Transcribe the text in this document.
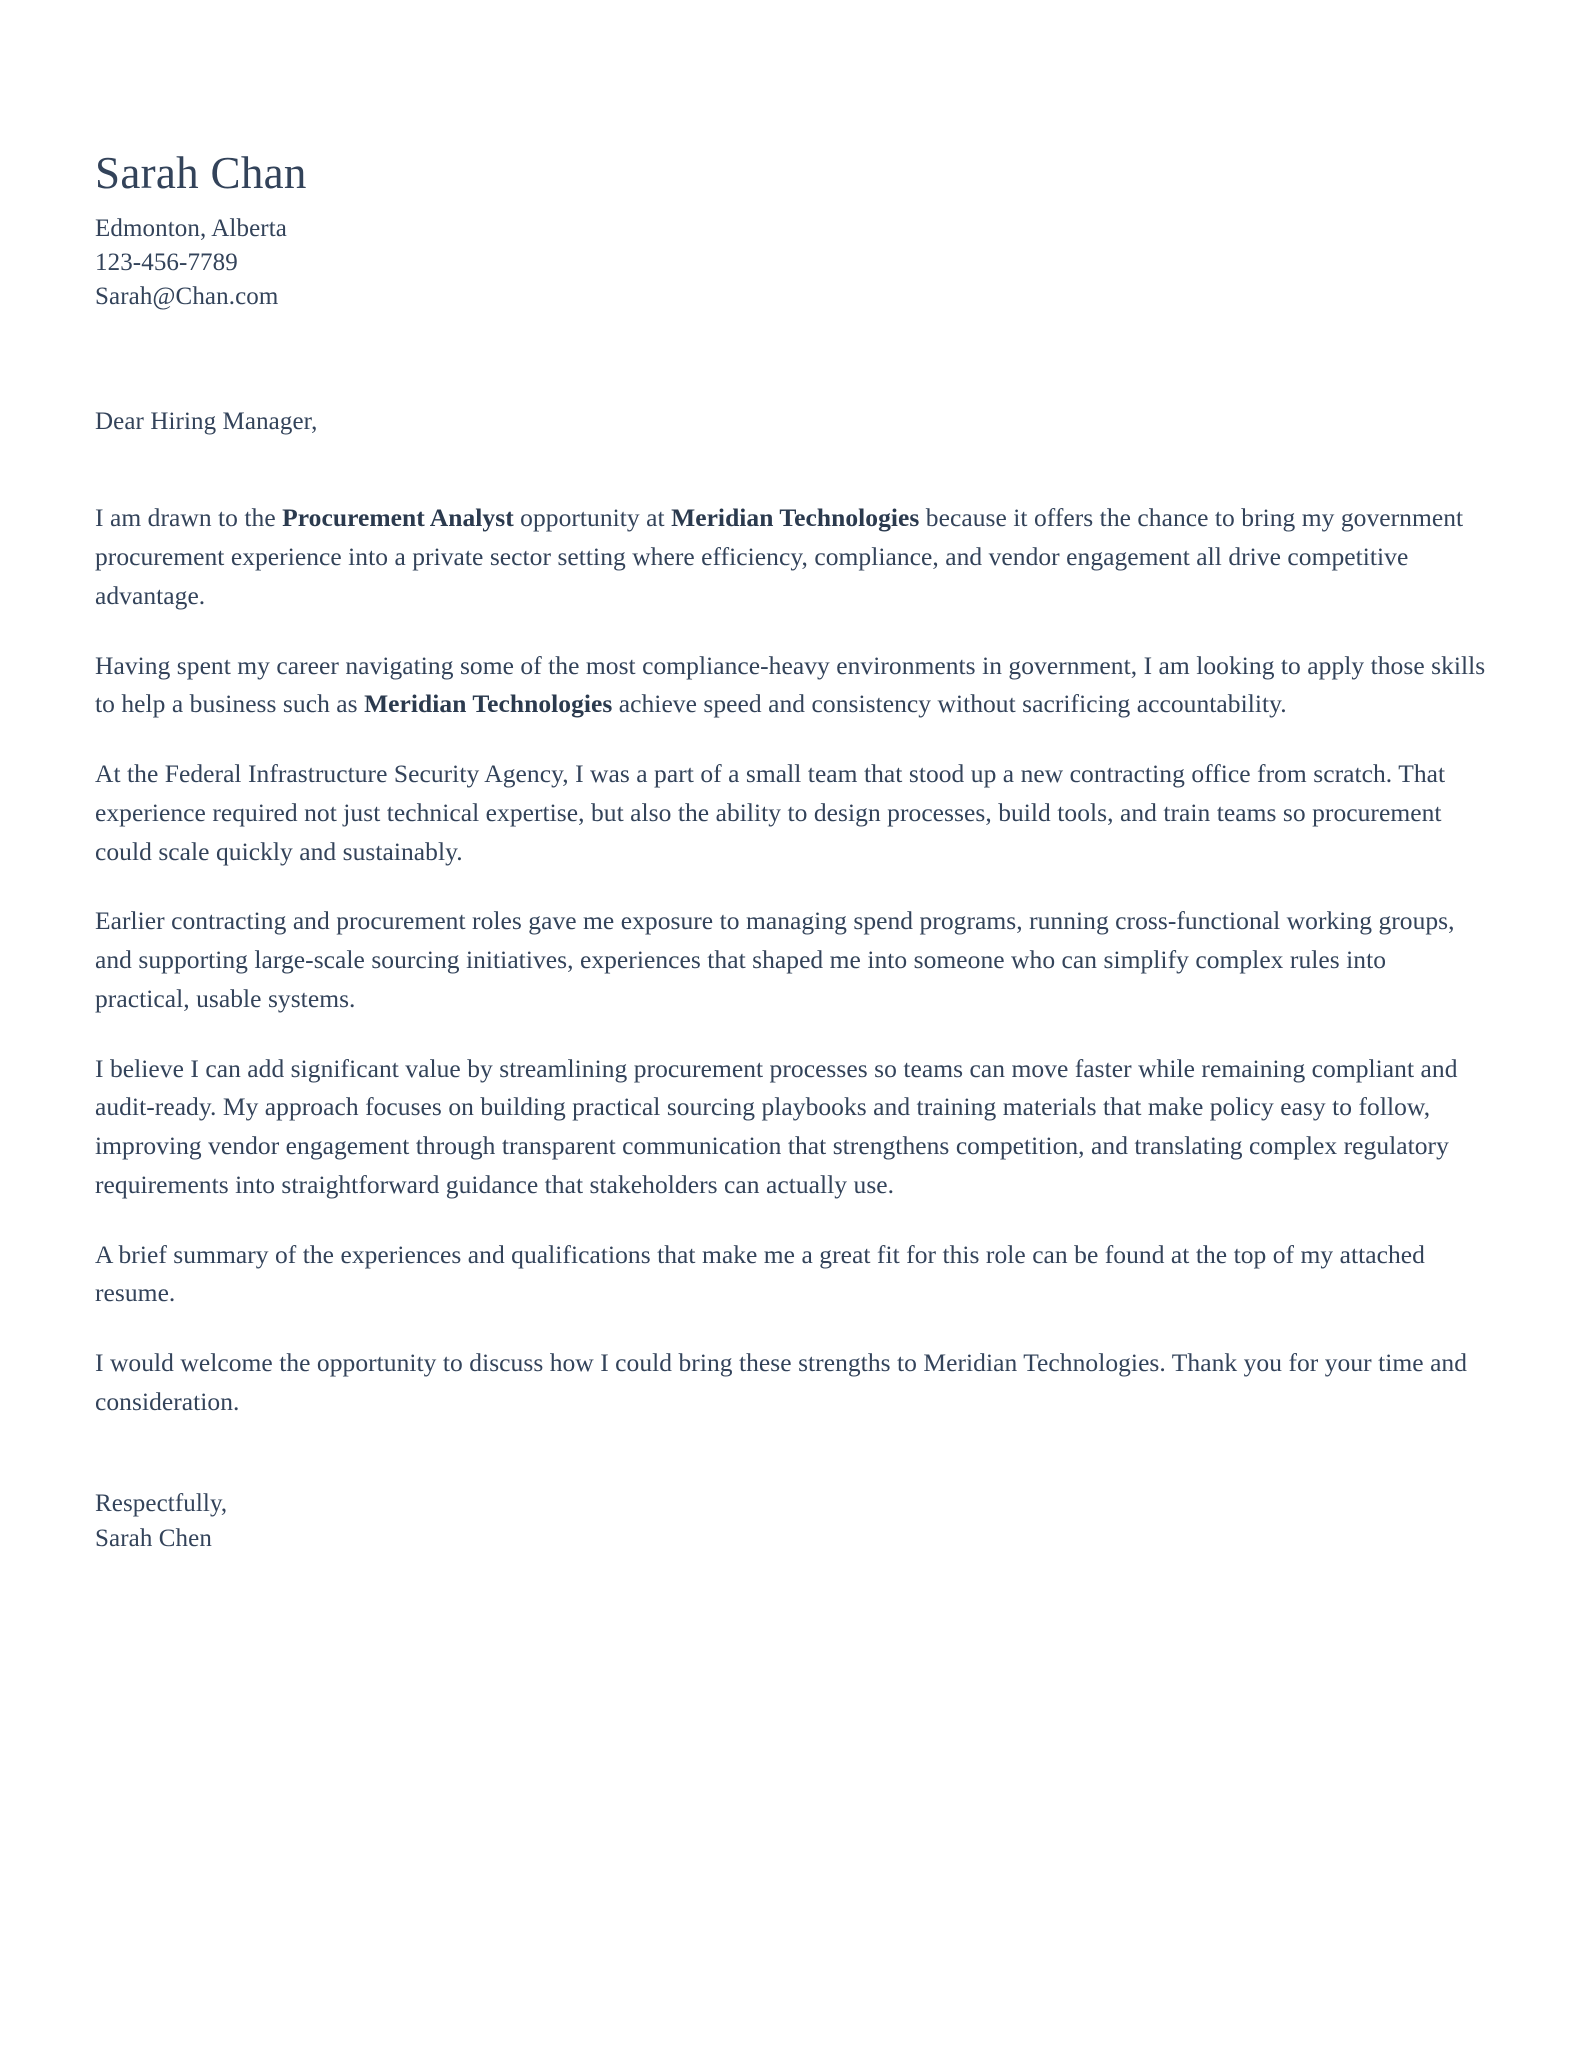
Sarah Chan
Edmonton, Alberta
123-456-7789
Sarah@Chan.com
Dear Hiring Manager,

I am drawn to the Procurement Analyst opportunity at Meridian Technologies because it offers the chance to bring my government procurement experience into a private sector setting where efficiency, compliance, and vendor engagement all drive competitive advantage.

Having spent my career navigating some of the most compliance-heavy environments in government, I am looking to apply those skills to help a business such as Meridian Technologies achieve speed and consistency without sacrificing accountability.

At the Federal Infrastructure Security Agency, I was a part of a small team that stood up a new contracting office from scratch. That experience required not just technical expertise, but also the ability to design processes, build tools, and train teams so procurement could scale quickly and sustainably.

Earlier contracting and procurement roles gave me exposure to managing spend programs, running cross-functional working groups, and supporting large-scale sourcing initiatives, experiences that shaped me into someone who can simplify complex rules into practical, usable systems.

I believe I can add significant value by streamlining procurement processes so teams can move faster while remaining compliant and audit-ready. My approach focuses on building practical sourcing playbooks and training materials that make policy easy to follow, improving vendor engagement through transparent communication that strengthens competition, and translating complex regulatory requirements into straightforward guidance that stakeholders can actually use.

A brief summary of the experiences and qualifications that make me a great fit for this role can be found at the top of my attached resume.

I would welcome the opportunity to discuss how I could bring these strengths to Meridian Technologies. Thank you for your time and consideration.

Respectfully,
Sarah Chen
